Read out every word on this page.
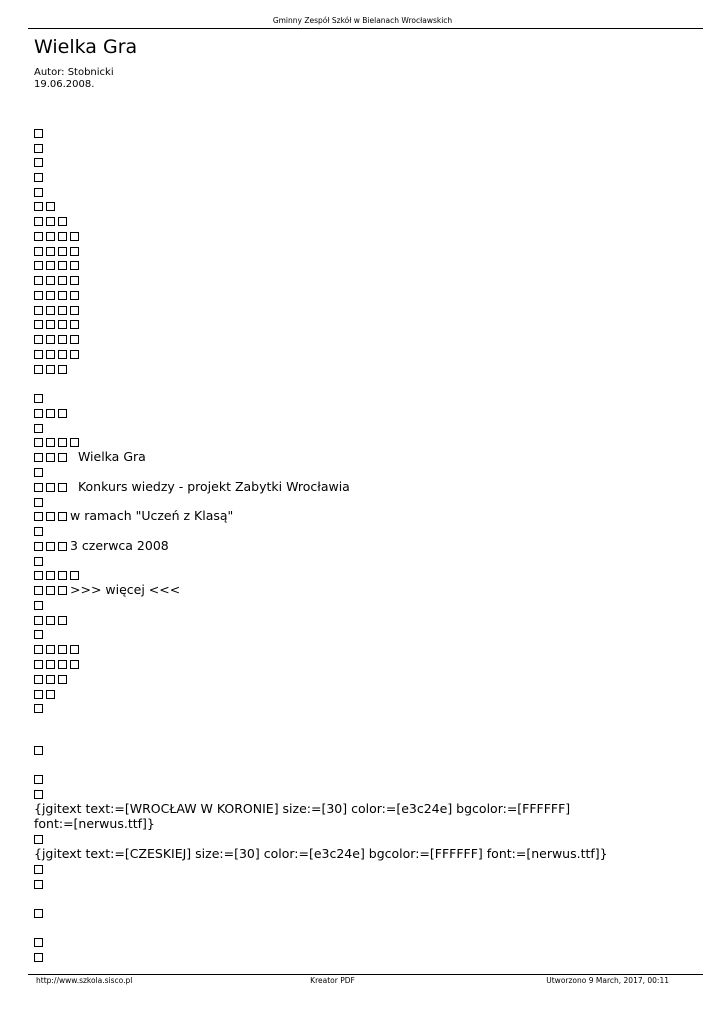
Gminny Zespół Szkół w Bielanach Wrocławskich
Wielka Gra
Autor: Stobnicki
19.06.2008.
Wielka Gra
Konkurs wiedzy - projekt Zabytki Wrocławia
w ramach "Uczeń z Klasą"
3 czerwca 2008
>>> więcej <<<
{jgitext text:=[WROCŁAW W KORONIE] size:=[30] color:=[e3c24e] bgcolor:=[FFFFFF]
font:=[nerwus.ttf]}
{jgitext text:=[CZESKIEJ] size:=[30] color:=[e3c24e] bgcolor:=[FFFFFF] font:=[nerwus.ttf]}
http://www.szkola.sisco.pl	Kreator PDF	Utworzono 9 March, 2017, 00:11
